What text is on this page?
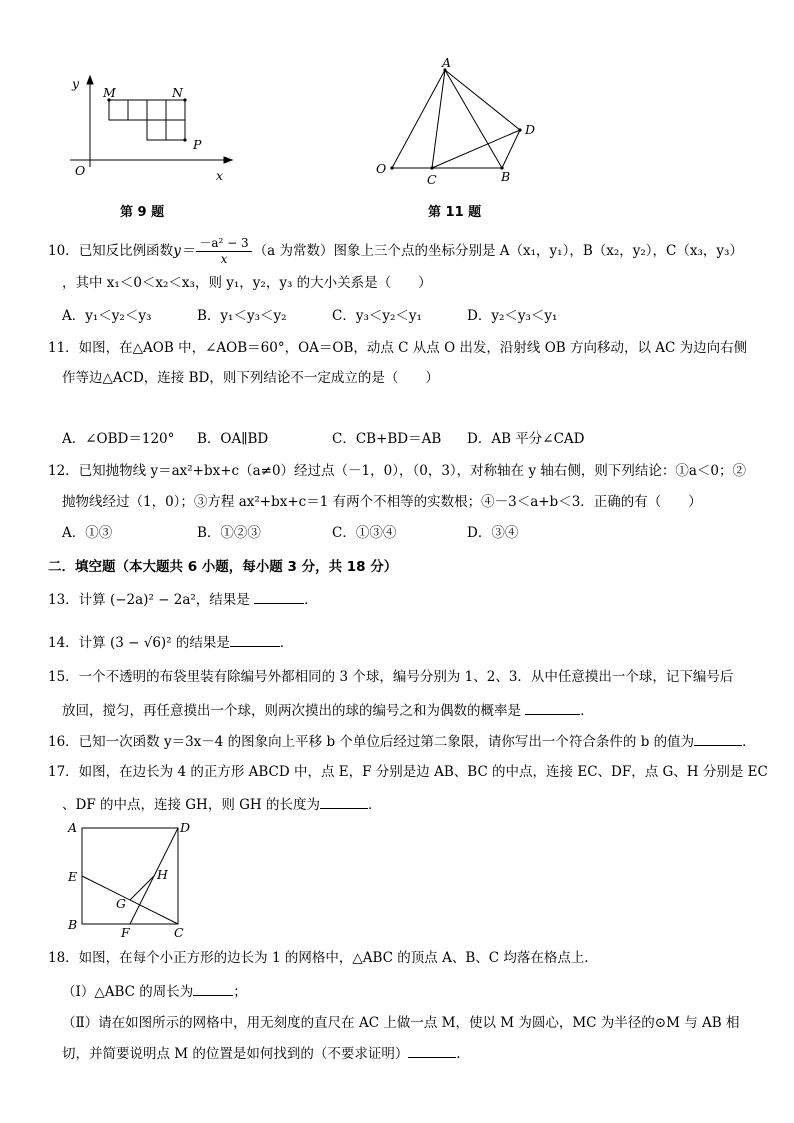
y
x
O
M	N
P
第 9 题
A
D
O
C	B
第 11 题
10．已知反比例函数$y= \frac{\text{－a² − 3}}{x} (a$ 为常数）图象上三个点的坐标分别是 A（x₁，y₁），B（x₂，y₂），C（x₃，y₃）
，其中 x₁＜0＜x₂＜x₃，则 y₁，y₂，y₃ 的大小关系是（　　）
A．y₁＜y₂＜y₃	B．y₁＜y₃＜y₂	C．y₃＜y₂＜y₁	D．y₂＜y₃＜y₁
11．如图，在△AOB 中，∠AOB＝60°，OA＝OB，动点 C 从点 O 出发，沿射线 OB 方向移动，以 AC 为边向右侧
作等边△ACD，连接 BD，则下列结论不一定成立的是（　　）
A．∠OBD＝120° B．OA∥BD	C．CB+BD＝AB D．AB 平分∠CAD
12．已知抛物线 y＝ax²+bx+c（a≠0）经过点（－1，0），（0，3），对称轴在 y 轴右侧，则下列结论：①a＜0；②
抛物线经过（1，0）；③方程 ax²+bx+c＝1 有两个不相等的实数根；④－3＜a+b＜3．正确的有（　　）
A．①③	B．①②③	C．①③④	D．③④
二．填空题（本大题共 6 小题，每小题 3 分，共 18 分）
13．计算 (−2a)² − 2a²，结果是	．
14．计算 (3 − √6)² 的结果是	．
15．一个不透明的布袋里装有除编号外都相同的 3 个球，编号分别为 1、2、3．从中任意摸出一个球，记下编号后
放回，搅匀，再任意摸出一个球，则两次摸出的球的编号之和为偶数的概率是	．
16．已知一次函数 y＝3x－4 的图象向上平移 b 个单位后经过第二象限，请你写出一个符合条件的 b 的值为	．
17．如图，在边长为 4 的正方形 ABCD 中，点 E，F 分别是边 AB、BC 的中点，连接 EC、DF，点 G、H 分别是 EC
、DF 的中点，连接 GH，则 GH 的长度为	．
A	D
E	H
G
B
F	C
18．如图，在每个小正方形的边长为 1 的网格中，△ABC 的顶点 A、B、C 均落在格点上．
（Ⅰ）△ABC 的周长为	；
（Ⅱ）请在如图所示的网格中，用无刻度的直尺在 AC 上做一点 M，使以 M 为圆心，MC 为半径的⊙M 与 AB 相
切，并简要说明点 M 的位置是如何找到的（不要求证明）	．
